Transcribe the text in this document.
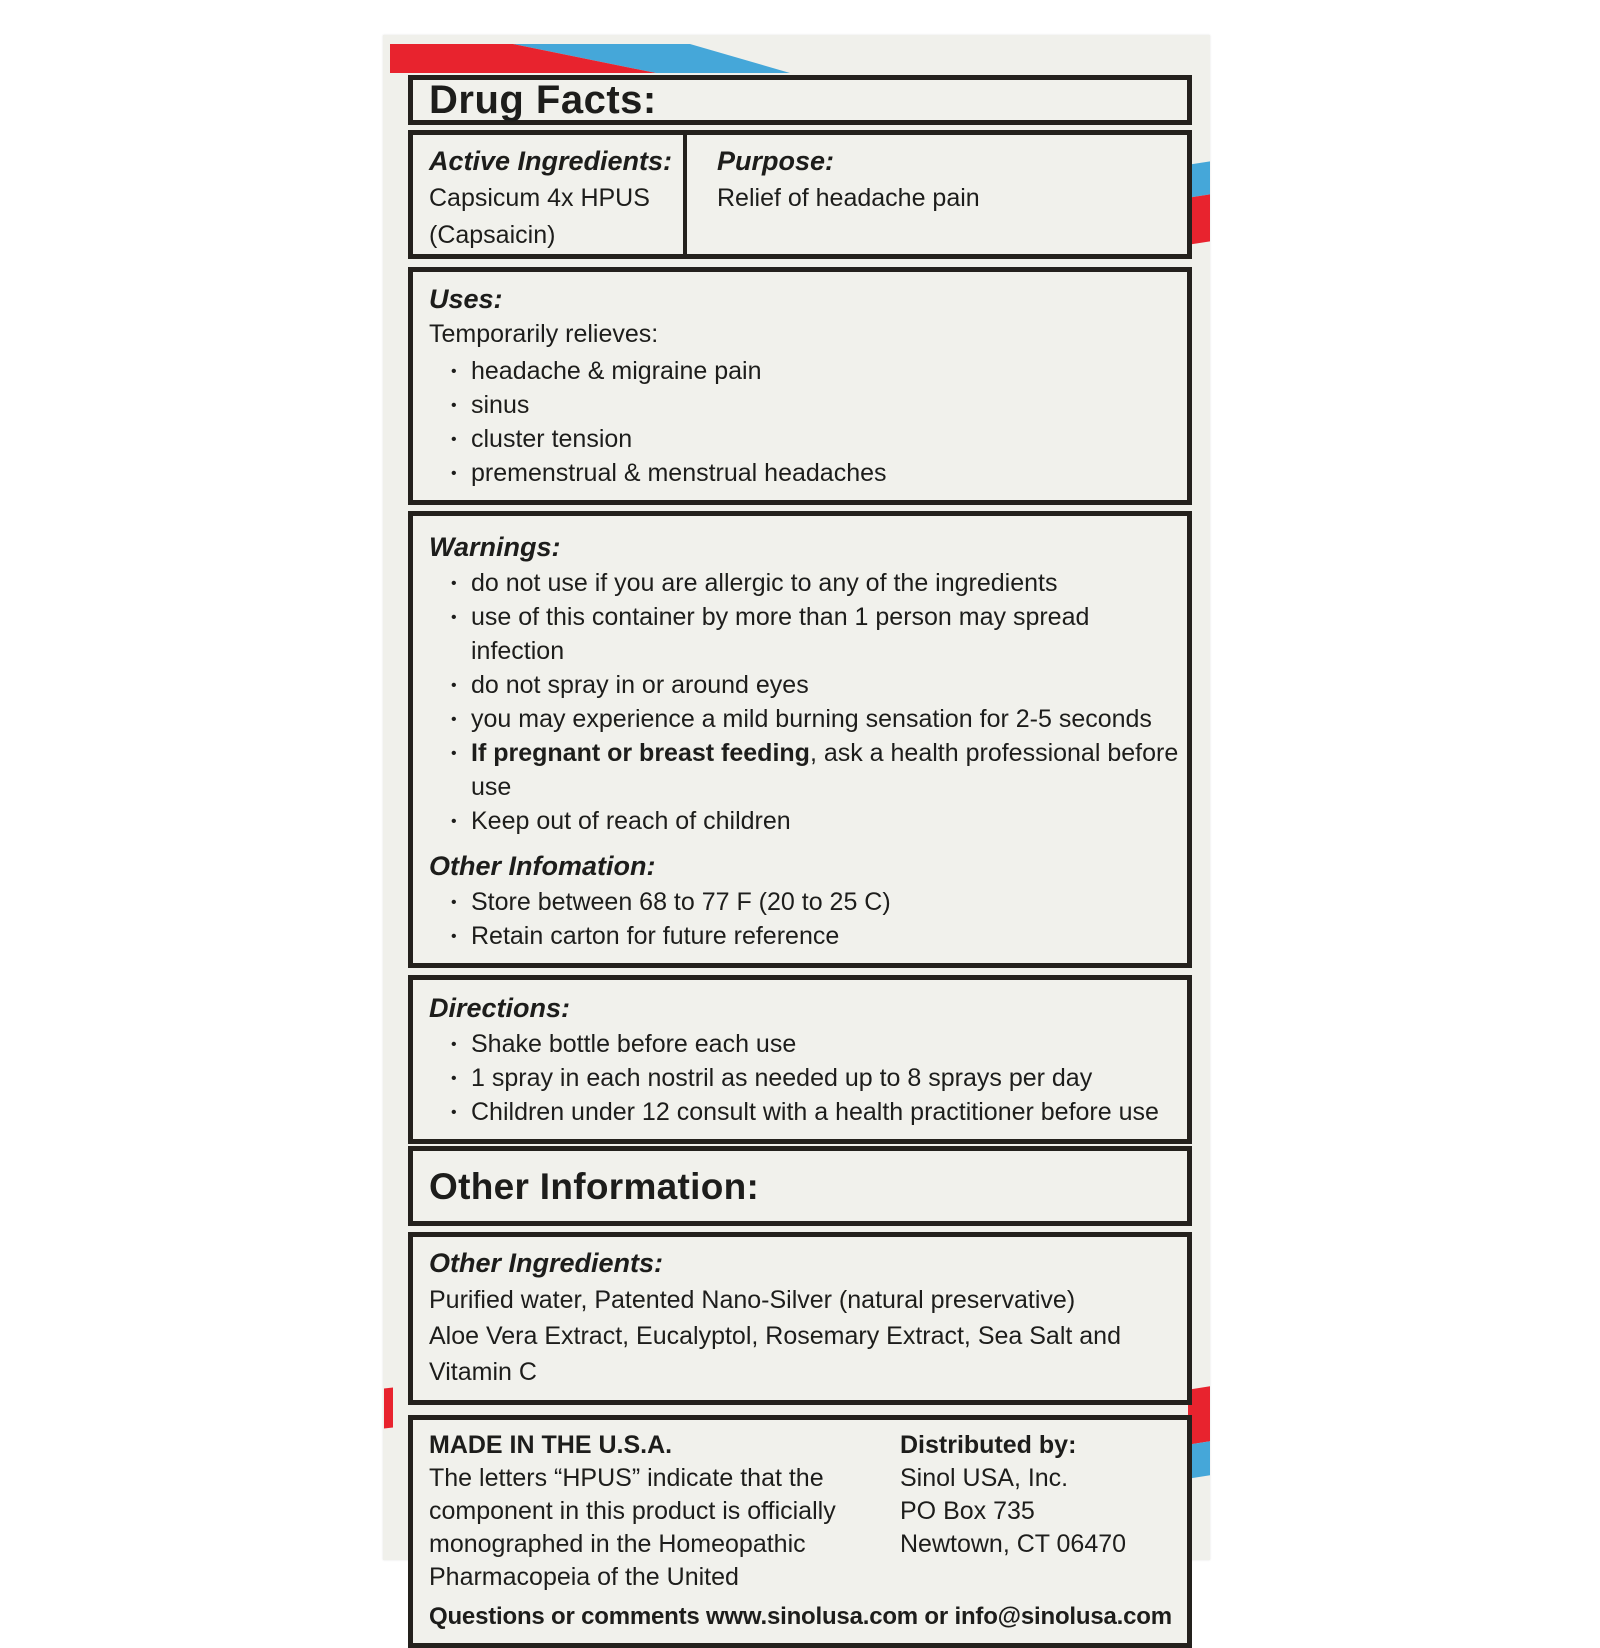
Drug Facts:
Active Ingredients:

Capsicum 4x HPUS

(Capsaicin)

Purpose:

Relief of headache pain

Uses:

Temporarily relieves:

• headache & migraine pain
• sinus
• cluster tension
• premenstrual & menstrual headaches
Warnings:
• do not use if you are allergic to any of the ingredients
• use of this container by more than 1 person may spread infection
• do not spray in or around eyes
• you may experience a mild burning sensation for 2-5 seconds
• If pregnant or breast feeding, ask a health professional before use
• Keep out of reach of children
Other Infomation:
• Store between 68 to 77 F (20 to 25 C)
• Retain carton for future reference
Directions:
• Shake bottle before each use
• 1 spray in each nostril as needed up to 8 sprays per day
• Children under 12 consult with a health practitioner before use
Other Information:
Other Ingredients:

Purified water, Patented Nano-Silver (natural preservative)

Aloe Vera Extract, Eucalyptol, Rosemary Extract, Sea Salt and

Vitamin C

MADE IN THE U.S.A.

The letters “HPUS” indicate that the

component in this product is officially

monographed in the Homeopathic

Pharmacopeia of the United

Distributed by:

Sinol USA, Inc.

PO Box 735

Newtown, CT 06470

Questions or comments www.sinolusa.com or info@sinolusa.com
